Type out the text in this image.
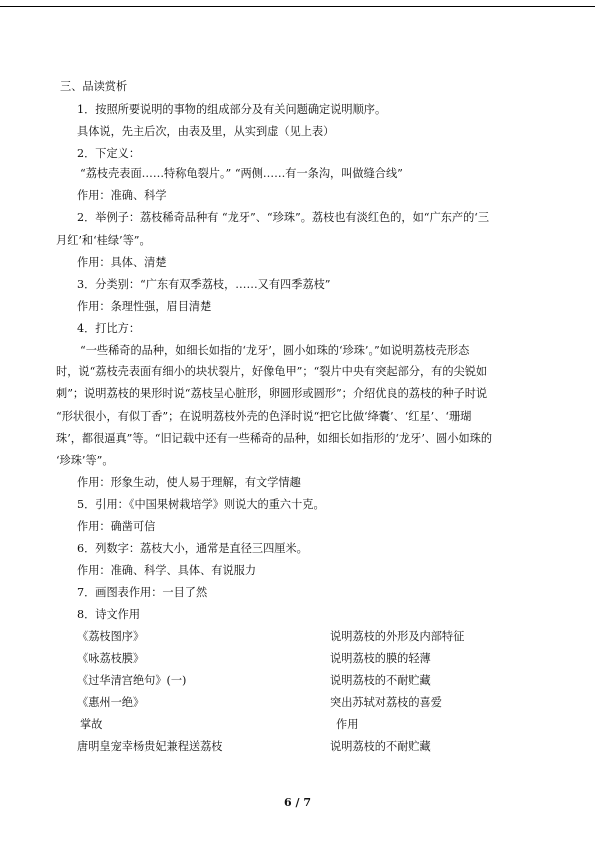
三、品读赏析
1．按照所要说明的事物的组成部分及有关问题确定说明顺序。
具体说，先主后次，由表及里，从实到虚（见上表）
2．下定义：
“荔枝壳表面……特称龟裂片。” “两侧……有一条沟，叫做缝合线”
作用：准确、科学
2．举例子：荔枝稀奇品种有 “龙牙”、“珍珠”。荔枝也有淡红色的，如“广东产的‘三
月红’和‘桂绿’等”。
作用：具体、清楚
3．分类别：“广东有双季荔枝，……又有四季荔枝”
作用：条理性强，眉目清楚
4．打比方：
“一些稀奇的品种，如细长如指的‘龙牙’，圆小如珠的‘珍珠’。”如说明荔枝壳形态
时，说“荔枝壳表面有细小的块状裂片，好像龟甲”；“裂片中央有突起部分，有的尖锐如
刺”；说明荔枝的果形时说“荔枝呈心脏形，卵圆形或圆形”；介绍优良的荔枝的种子时说
“形状很小，有似丁香”；在说明荔枝外壳的色泽时说“把它比做‘绛囊’、‘红星’、‘珊瑚
珠’，都很逼真”等。“旧记载中还有一些稀奇的品种，如细长如指形的‘龙牙’、圆小如珠的
‘珍珠’等”。
作用：形象生动，使人易于理解，有文学情趣
5．引用：《中国果树栽培学》则说大的重六十克。
作用：确凿可信
6．列数字：荔枝大小，通常是直径三四厘米。
作用：准确、科学、具体、有说服力
7．画图表作用：一目了然
8．诗文作用
《荔枝图序》	说明荔枝的外形及内部特征
《咏荔枝膜》	说明荔枝的膜的轻薄
《过华清宫绝句》(一)	说明荔枝的不耐贮藏
《惠州一绝》	突出苏轼对荔枝的喜爱
掌故	作用
唐明皇宠幸杨贵妃兼程送荔枝	说明荔枝的不耐贮藏
6 / 7
